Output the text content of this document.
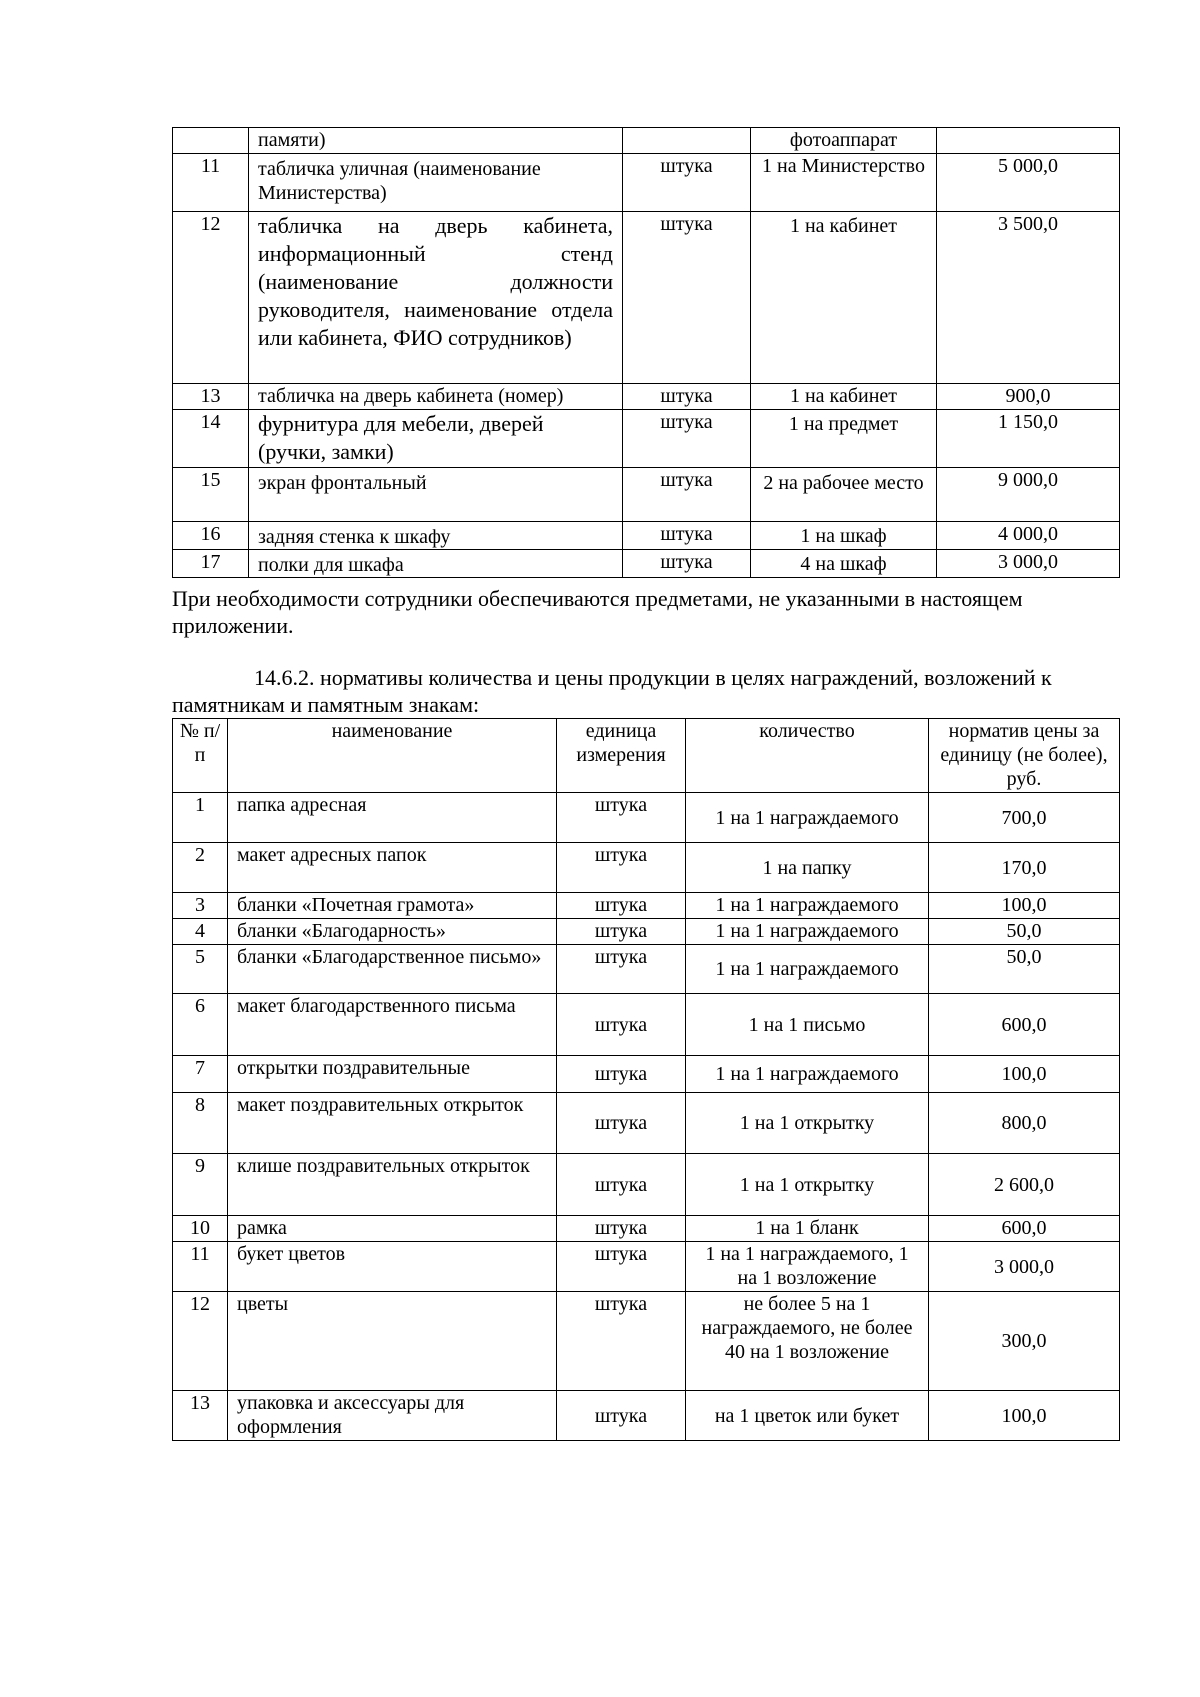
	памяти)		фотоаппарат	
11	табличка уличная (наименование Министерства)	штука	1 на Министерство	5 000,0
12	табличка на дверь кабинета, информационный стенд (наименование должности руководителя, наименование отдела или кабинета, ФИО сотрудников)	штука	1 на кабинет	3 500,0
13	табличка на дверь кабинета (номер)	штука	1 на кабинет	900,0
14	фурнитура для мебели, дверей (ручки, замки)	штука	1 на предмет	1 150,0
15	экран фронтальный	штука	2 на рабочее место	9 000,0
16	задняя стенка к шкафу	штука	1 на шкаф	4 000,0
17	полки для шкафа	штука	4 на шкаф	3 000,0

При необходимости сотрудники обеспечиваются предметами, не указанными в настоящем приложении.

14.6.2. нормативы количества и цены продукции в целях награждений, возложений к памятникам и памятным знакам:

№ п/п	наименование	единица измерения	количество	норматив цены за единицу (не более), руб.
1	папка адресная	штука	1 на 1 награждаемого	700,0
2	макет адресных папок	штука	1 на папку	170,0
3	бланки «Почетная грамота»	штука	1 на 1 награждаемого	100,0
4	бланки «Благодарность»	штука	1 на 1 награждаемого	50,0
5	бланки «Благодарственное письмо»	штука	1 на 1 награждаемого	50,0
6	макет благодарственного письма	штука	1 на 1 письмо	600,0
7	открытки поздравительные	штука	1 на 1 награждаемого	100,0
8	макет поздравительных открыток	штука	1 на 1 открытку	800,0
9	клише поздравительных открыток	штука	1 на 1 открытку	2 600,0
10	рамка	штука	1 на 1 бланк	600,0
11	букет цветов	штука	1 на 1 награждаемого, 1 на 1 возложение	3 000,0
12	цветы	штука	не более 5 на 1 награждаемого, не более 40 на 1 возложение	300,0
13	упаковка и аксессуары для оформления	штука	на 1 цветок или букет	100,0
